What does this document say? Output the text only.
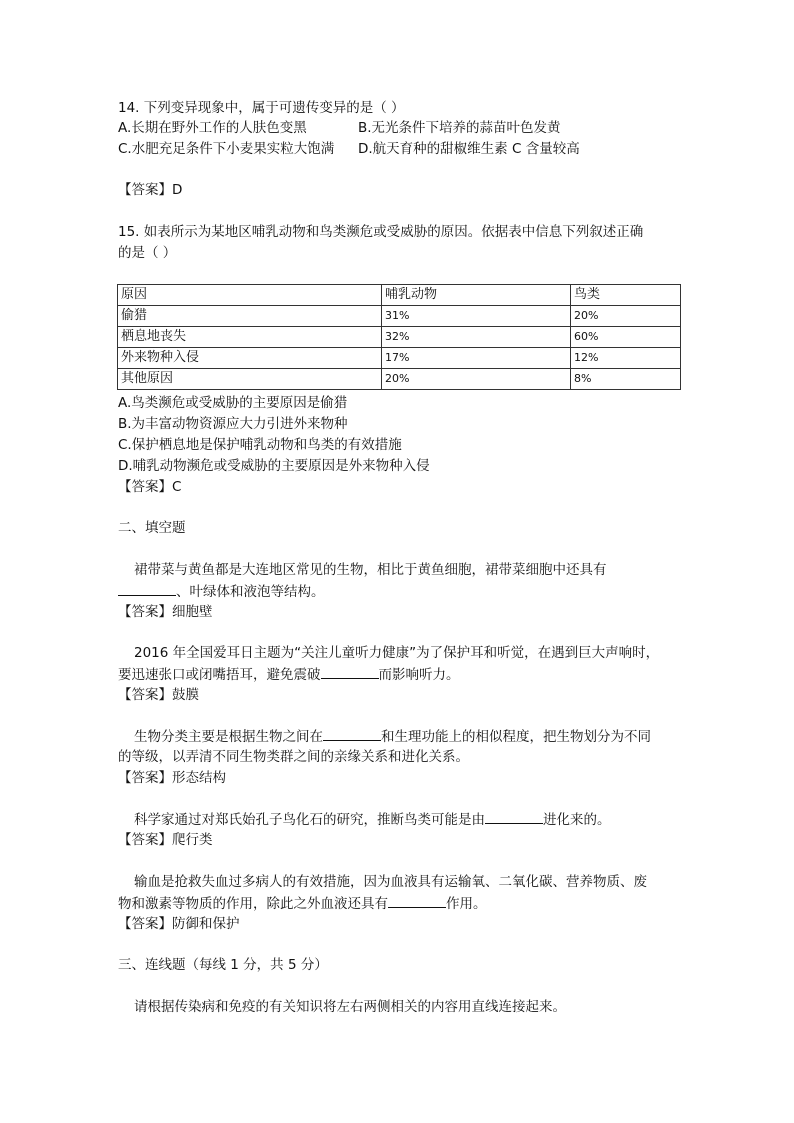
14. 下列变异现象中，属于可遗传变异的是（ ）
A.长期在野外工作的人肤色变黑	B.无光条件下培养的蒜苗叶色发黄
C.水肥充足条件下小麦果实粒大饱满 D.航天育种的甜椒维生素 C 含量较高
【答案】D
15. 如表所示为某地区哺乳动物和鸟类濒危或受威胁的原因。依据表中信息下列叙述正确
的是（ ）
原因	哺乳动物	鸟类
偷猎	31%	20%
栖息地丧失	32%	60%
外来物种入侵	17%	12%
其他原因	20%	8%
A.鸟类濒危或受威胁的主要原因是偷猎
B.为丰富动物资源应大力引进外来物种
C.保护栖息地是保护哺乳动物和鸟类的有效措施
D.哺乳动物濒危或受威胁的主要原因是外来物种入侵
【答案】C
二、填空题
裙带菜与黄鱼都是大连地区常见的生物，相比于黄鱼细胞，裙带菜细胞中还具有
、叶绿体和液泡等结构。
【答案】细胞壁
2016 年全国爱耳日主题为“关注儿童听力健康”为了保护耳和听觉，在遇到巨大声响时，
要迅速张口或闭嘴捂耳，避免震破	而影响听力。
【答案】鼓膜
生物分类主要是根据生物之间在	和生理功能上的相似程度，把生物划分为不同
的等级，以弄清不同生物类群之间的亲缘关系和进化关系。
【答案】形态结构
科学家通过对郑氏始孔子鸟化石的研究，推断鸟类可能是由	进化来的。
【答案】爬行类
输血是抢救失血过多病人的有效措施，因为血液具有运输氧、二氧化碳、营养物质、废
物和激素等物质的作用，除此之外血液还具有	作用。
【答案】防御和保护
三、连线题（每线 1 分，共 5 分）
请根据传染病和免疫的有关知识将左右两侧相关的内容用直线连接起来。
